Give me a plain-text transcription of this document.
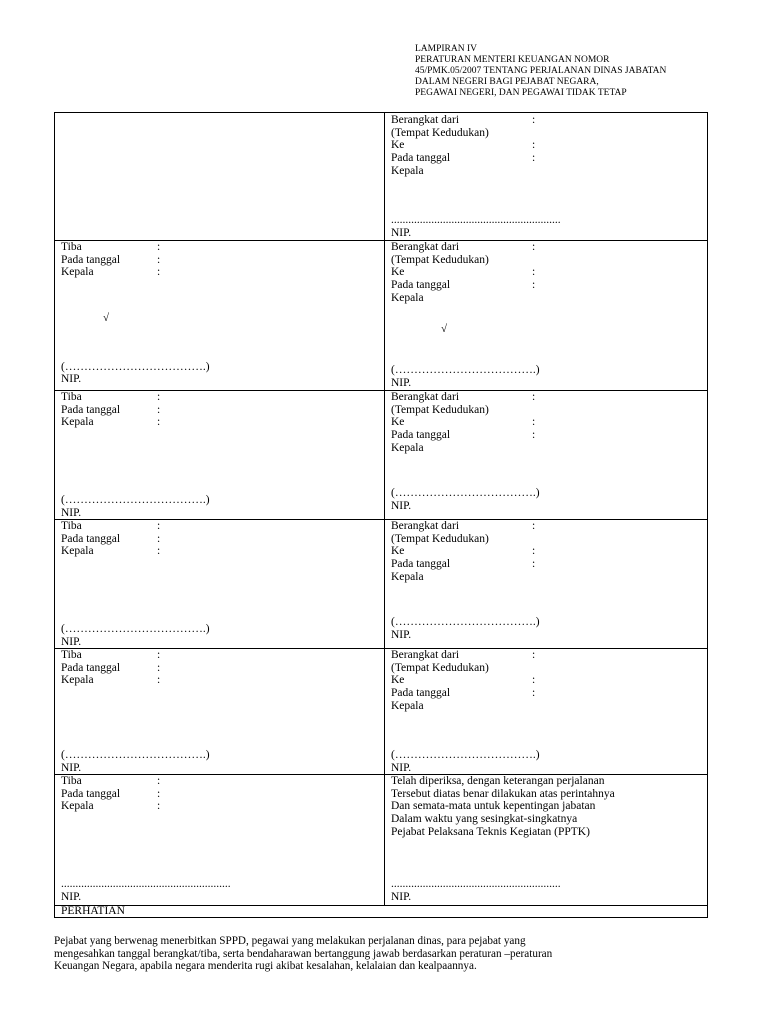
LAMPIRAN IV
PERATURAN MENTERI KEUANGAN NOMOR
45/PMK.05/2007 TENTANG PERJALANAN DINAS JABATAN
DALAM NEGERI BAGI PEJABAT NEGARA,
PEGAWAI NEGERI, DAN PEGAWAI TIDAK TETAP
Berangkat dari	:
(Tempat Kedudukan)
Ke	:
Pada tanggal	:
Kepala
...........................................................
NIP.
Tiba	:
Pada tanggal	:
Kepala	:
√
(……………………………….)
NIP.
Berangkat dari	:
(Tempat Kedudukan)
Ke	:
Pada tanggal	:
Kepala
√
(……………………………….)
NIP.
Tiba	:
Pada tanggal	:
Kepala	:
(……………………………….)
NIP.
Berangkat dari	:
(Tempat Kedudukan)
Ke	:
Pada tanggal	:
Kepala
(……………………………….)
NIP.
Tiba	:
Pada tanggal	:
Kepala	:
(……………………………….)
NIP.
Berangkat dari	:
(Tempat Kedudukan)
Ke	:
Pada tanggal	:
Kepala
(……………………………….)
NIP.
Tiba	:
Pada tanggal	:
Kepala	:
(……………………………….)
NIP.
Berangkat dari	:
(Tempat Kedudukan)
Ke	:
Pada tanggal	:
Kepala
(……………………………….)
NIP.
Tiba	:
Pada tanggal	:
Kepala	:
...........................................................
NIP.
Telah diperiksa, dengan keterangan perjalanan
Tersebut diatas benar dilakukan atas perintahnya
Dan semata-mata untuk kepentingan jabatan
Dalam waktu yang sesingkat-singkatnya
Pejabat Pelaksana Teknis Kegiatan (PPTK)
...........................................................
NIP.
PERHATIAN
Pejabat yang berwenag menerbitkan SPPD, pegawai yang melakukan perjalanan dinas, para pejabat yang
mengesahkan tanggal berangkat/tiba, serta bendaharawan bertanggung jawab berdasarkan peraturan –peraturan
Keuangan Negara, apabila negara menderita rugi akibat kesalahan, kelalaian dan kealpaannya.
